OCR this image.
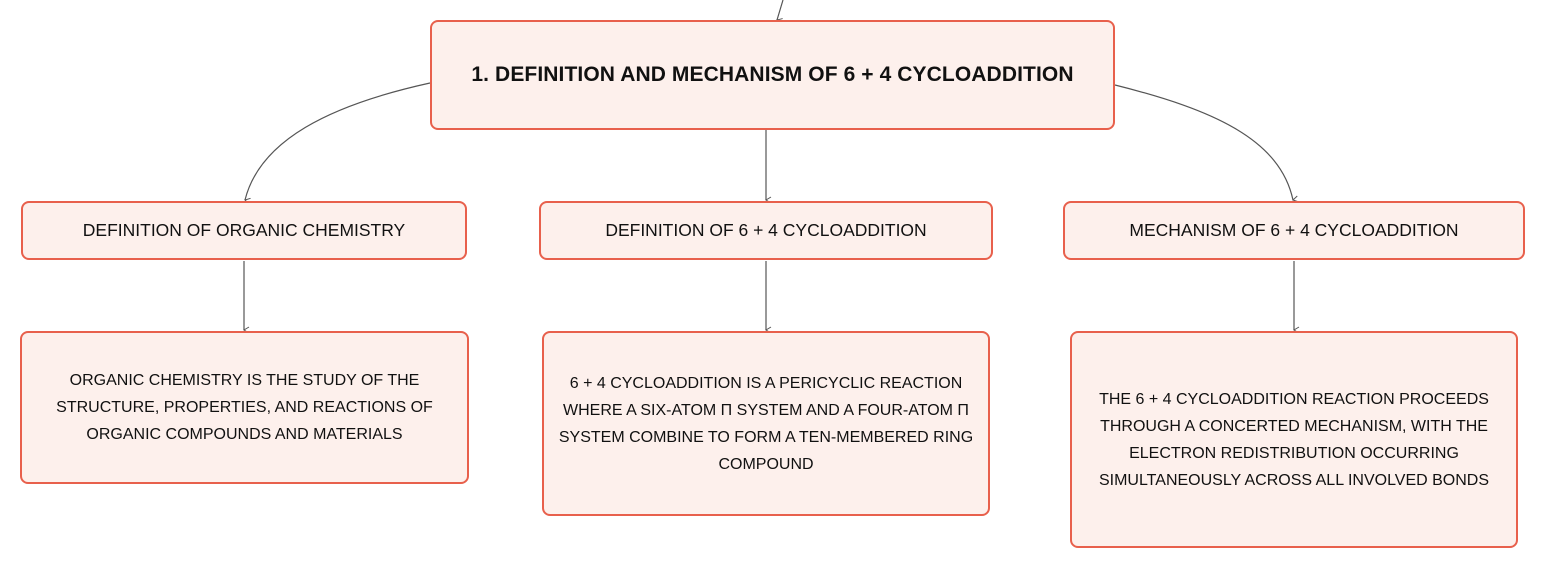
1. DEFINITION AND MECHANISM OF 6 + 4 CYCLOADDITION
DEFINITION OF ORGANIC CHEMISTRY	DEFINITION OF 6 + 4 CYCLOADDITION	MECHANISM OF 6 + 4 CYCLOADDITION
ORGANIC CHEMISTRY IS THE STUDY OF THE STRUCTURE, PROPERTIES, AND REACTIONS OF ORGANIC COMPOUNDS AND MATERIALS
6 + 4 CYCLOADDITION IS A PERICYCLIC REACTION WHERE A SIX-ATOM Π SYSTEM AND A FOUR-ATOM Π SYSTEM COMBINE TO FORM A TEN-MEMBERED RING COMPOUND
THE 6 + 4 CYCLOADDITION REACTION PROCEEDS THROUGH A CONCERTED MECHANISM, WITH THE ELECTRON REDISTRIBUTION OCCURRING SIMULTANEOUSLY ACROSS ALL INVOLVED BONDS
